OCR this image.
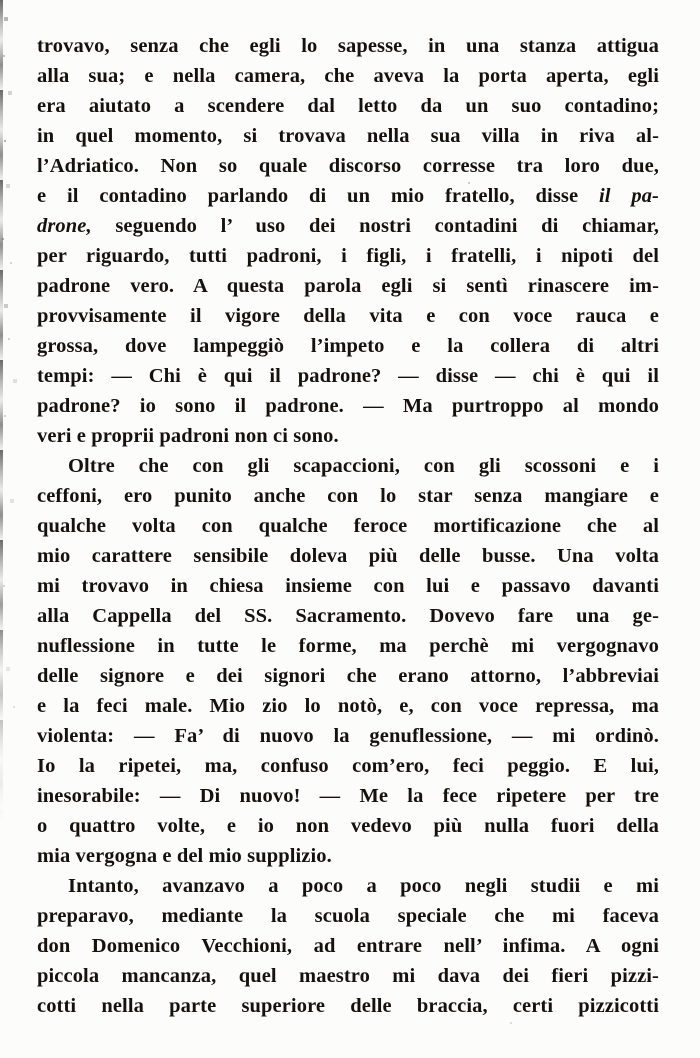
trovavo, senza che egli lo sapesse, in una stanza attigua
alla sua; e nella camera, che aveva la porta aperta, egli
era aiutato a scendere dal letto da un suo contadino;
in quel momento, si trovava nella sua villa in riva al-
l’Adriatico. Non so quale discorso corresse tra loro due,
e il contadino parlando di un mio fratello, disse il pa-
drone, seguendo l’ uso dei nostri contadini di chiamar,
per riguardo, tutti padroni, i figli, i fratelli, i nipoti del
padrone vero. A questa parola egli si sentì rinascere im-
provvisamente il vigore della vita e con voce rauca e
grossa, dove lampeggiò l’impeto e la collera di altri
tempi: — Chi è qui il padrone? — disse — chi è qui il
padrone? io sono il padrone. — Ma purtroppo al mondo
veri e proprii padroni non ci sono.
Oltre che con gli scapaccioni, con gli scossoni e i
ceffoni, ero punito anche con lo star senza mangiare e
qualche volta con qualche feroce mortificazione che al
mio carattere sensibile doleva più delle busse. Una volta
mi trovavo in chiesa insieme con lui e passavo davanti
alla Cappella del SS. Sacramento. Dovevo fare una ge-
nuflessione in tutte le forme, ma perchè mi vergognavo
delle signore e dei signori che erano attorno, l’abbreviai
e la feci male. Mio zio lo notò, e, con voce repressa, ma
violenta: — Fa’ di nuovo la genuflessione, — mi ordinò.
Io la ripetei, ma, confuso com’ero, feci peggio. E lui,
inesorabile: — Di nuovo! — Me la fece ripetere per tre
o quattro volte, e io non vedevo più nulla fuori della
mia vergogna e del mio supplizio.
Intanto, avanzavo a poco a poco negli studii e mi
preparavo, mediante la scuola speciale che mi faceva
don Domenico Vecchioni, ad entrare nell’ infima. A ogni
piccola mancanza, quel maestro mi dava dei fieri pizzi-
cotti nella parte superiore delle braccia, certi pizzicotti
